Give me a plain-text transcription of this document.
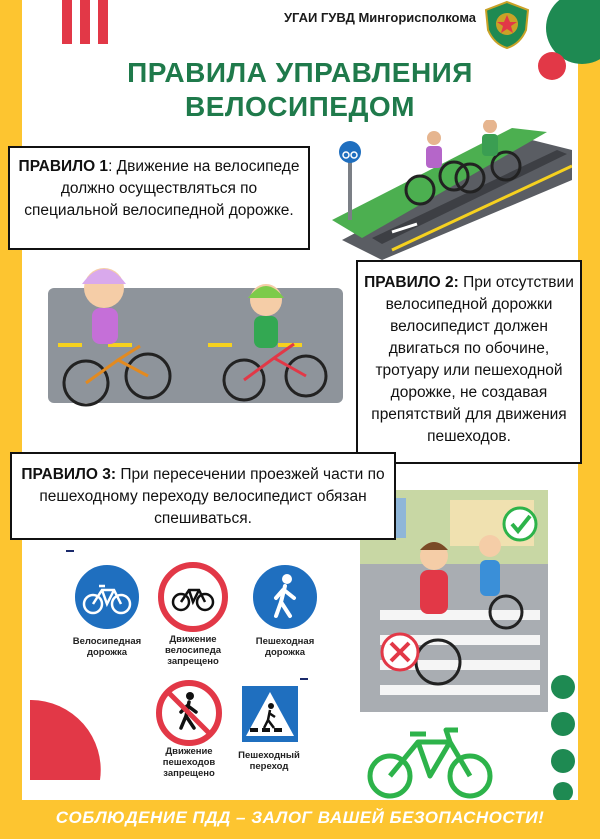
УГАИ ГУВД Мингорисполкома
ПРАВИЛА УПРАВЛЕНИЯ
ВЕЛОСИПЕДОМ
ПРАВИЛО 1: Движение на велосипеде должно осуществляться по специальной велосипедной дорожке.
ПРАВИЛО 2: При отсутствии велосипедной дорожки велосипедист должен двигаться по обочине, тротуару или пешеходной дорожке, не создавая препятствий для движения пешеходов.
ПРАВИЛО 3: При пересечении проезжей части по пешеходному переходу велосипедист обязан спешиваться.
Велосипедная
дорожка
Движение
велосипеда
запрещено
Пешеходная
дорожка
Движение
пешеходов
запрещено
Пешеходный
переход
СОБЛЮДЕНИЕ ПДД – ЗАЛОГ ВАШЕЙ БЕЗОПАСНОСТИ!
